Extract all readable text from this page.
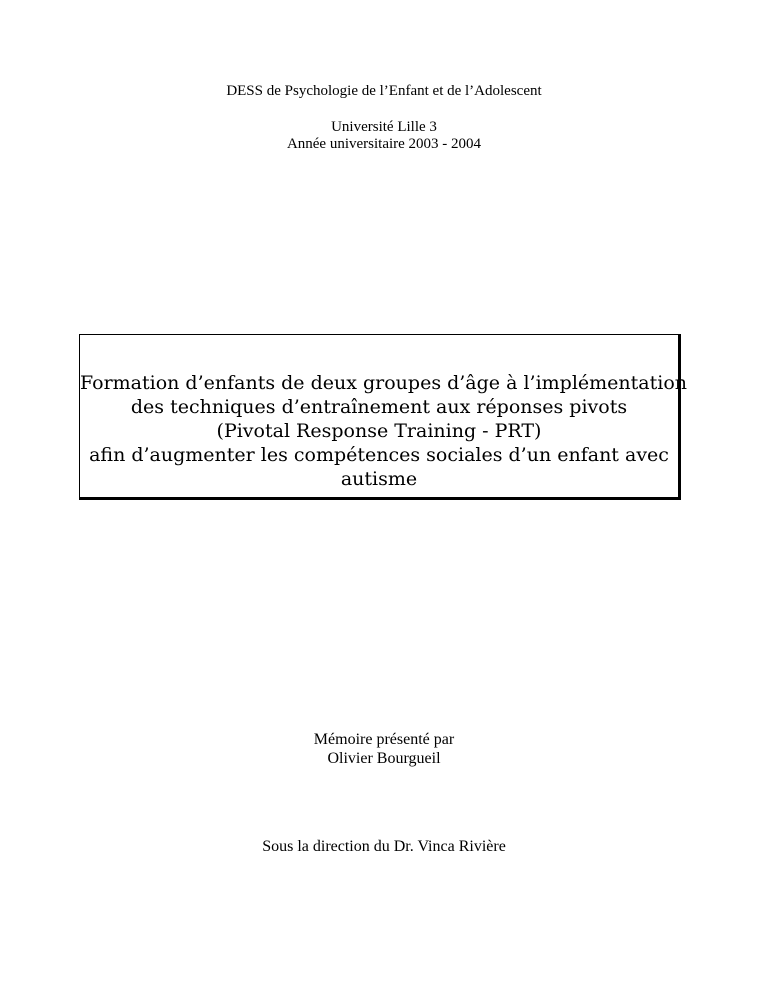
DESS de Psychologie de l’Enfant et de l’Adolescent
Université Lille 3
Année universitaire 2003 - 2004
Formation d’enfants de deux groupes d’âge à l’implémentation
des techniques d’entraînement aux réponses pivots
(Pivotal Response Training - PRT)
afin d’augmenter les compétences sociales d’un enfant avec
autisme
Mémoire présenté par
Olivier Bourgueil
Sous la direction du Dr. Vinca Rivière
